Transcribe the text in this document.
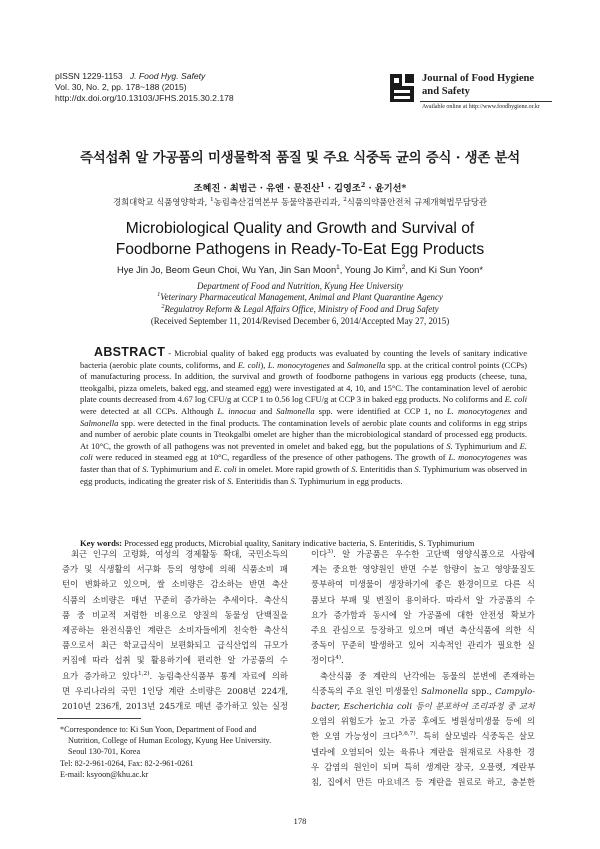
pISSN 1229-1153 J. Food Hyg. Safety
Vol. 30, No. 2, pp. 178~188 (2015)
http://dx.doi.org/10.13103/JFHS.2015.30.2.178
Journal of Food Hygiene
and Safety
Available online at http://www.foodhygiene.or.kr
즉석섭취 알 가공품의 미생물학적 품질 및 주요 식중독 균의 증식 · 생존 분석
조혜진 · 최범근 · 유엔 · 문진산$^1$ · 김영조$^2$ · 윤기선*
경희대학교 식품영양학과, $^1$농림축산검역본부 동물약품관리과, $^2$식품의약품안전처 규제개혁법무담당관
Microbiological Quality and Growth and Survival of
Foodborne Pathogens in Ready-To-Eat Egg Products
Hye Jin Jo, Beom Geun Choi, Wu Yan, Jin San Moon$^1$, Young Jo Kim$^2$, and Ki Sun Yoon*
Department of Food and Nutrition, Kyung Hee University
$^1$Veterinary Pharmaceutical Management, Animal and Plant Quarantine Agency
$^2$Regulatroy Reform & Legal Affairs Office, Ministry of Food and Drug Safety
(Received September 11, 2014/Revised December 6, 2014/Accepted May 27, 2015)
ABSTRACT - Microbial quality of baked egg products was evaluated by counting the levels of sanitary indicative bacteria (aerobic plate counts, coliforms, and E. coli), L. monocytogenes and Salmonella spp. at the critical control points (CCPs) of manufacturing process. In addition, the survival and growth of foodborne pathogens in various egg products (cheese, tuna, tteokgalbi, pizza omelets, baked egg, and steamed egg) were investigated at 4, 10, and 15°C. The contamination level of aerobic plate counts decreased from 4.67 log CFU/g at CCP 1 to 0.56 log CFU/g at CCP 3 in baked egg products. No coliforms and E. coli were detected at all CCPs. Although L. innocua and Salmonella spp. were identified at CCP 1, no L. monocytogenes and Salmonella spp. were detected in the final products. The contamination levels of aerobic plate counts and coliforms in egg strips and number of aerobic plate counts in Tteokgalbi omelet are higher than the microbiological standard of processed egg products. At 10°C, the growth of all pathogens was not prevented in omelet and baked egg, but the populations of S. Typhimurium and E. coli were reduced in steamed egg at 10°C, regardless of the presence of other pathogens. The growth of L. monocytogenes was faster than that of S. Typhimurium and E. coli in omelet. More rapid growth of S. Enteritidis than S. Typhimurium was observed in egg products, indicating the greater risk of S. Enteritidis than S. Typhimurium in egg products.
Key words: Processed egg products, Microbial quality, Sanitary indicative bacteria, S. Enteritidis, S. Typhimurium
최근 인구의 고령화, 여성의 경제활동 확대, 국민소득의
증가 및 식생활의 서구화 등의 영향에 의해 식품소비 패
턴이 변화하고 있으며, 쌀 소비량은 감소하는 반면 축산
식품의 소비량은 매년 꾸준히 증가하는 추세이다. 축산식
품 중 비교적 저렴한 비용으로 양질의 동물성 단백질을
제공하는 완전식품인 계란은 소비자들에게 친숙한 축산식
품으로서 최근 학교급식이 보편화되고 급식산업의 규모가
커짐에 따라 섭취 및 활용하기에 편리한 알 가공품의 수
요가 증가하고 있다$^{1,2)}$. 농림축산식품부 통계 자료에 의하
면 우리나라의 국민 1인당 계란 소비량은 2008년 224개,
2010년 236개, 2013년 245개로 매년 증가하고 있는 실정
*Correspondence to: Ki Sun Yoon, Department of Food and
Nutrition, College of Human Ecology, Kyung Hee University.
Seoul 130-701, Korea
Tel: 82-2-961-0264, Fax: 82-2-961-0261
E-mail: ksyoon@khu.ac.kr
이다$^{3)}$. 알 가공품은 우수한 고단백 영양식품으로 사람에
게는 중요한 영양원인 반면 수분 함량이 높고 영양물질도
풍부하여 미생물이 생장하기에 좋은 환경이므로 다른 식
품보다 부패 및 변질이 용이하다. 따라서 알 가공품의 수
요가 증가함과 동시에 알 가공품에 대한 안전성 확보가
주요 관심으로 등장하고 있으며 매년 축산식품에 의한 식
중독이 꾸준히 발생하고 있어 지속적인 관리가 필요한 실
정이다$^{4)}$.
축산식품 중 계란의 난각에는 동물의 분변에 존재하는
식중독의 주요 원인 미생물인 Salmonella spp., Campylo-
bacter, Escherichia coli 등이 분포하여 조리과정 중 교차
오염의 위험도가 높고 가공 후에도 병원성미생물 등에 의
한 오염 가능성이 크다$^{5,6,7)}$. 특히 살모넬라 식중독은 살모
넬라에 오염되어 있는 육류나 계란을 원재료로 사용한 경
우 감염의 원인이 되며 특히 생계란 장국, 오믈렛, 계란부
침, 집에서 만든 마요네즈 등 계란을 원료로 하고, 충분한
178
